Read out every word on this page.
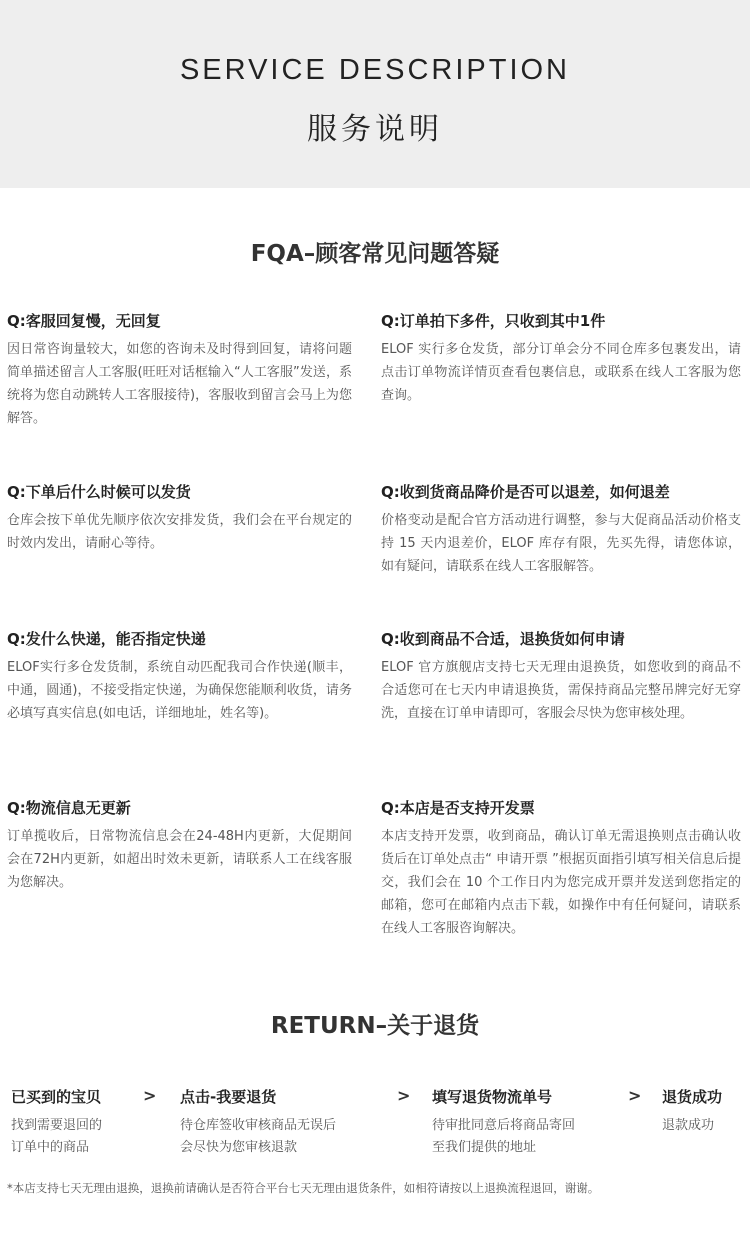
SERVICE DESCRIPTION
服务说明
FQA–顾客常见问题答疑

Q:客服回复慢，无回复

因日常咨询量较大，如您的咨询未及时得到回复，请将问题简单描述留言人工客服(旺旺对话框输入“人工客服”发送，系统将为您自动跳转人工客服接待)，客服收到留言会马上为您解答。

Q:订单拍下多件，只收到其中1件

ELOF 实行多仓发货，部分订单会分不同仓库多包裹发出，请点击订单物流详情页查看包裹信息，或联系在线人工客服为您查询。

Q:下单后什么时候可以发货

仓库会按下单优先顺序依次安排发货，我们会在平台规定的时效内发出，请耐心等待。

Q:收到货商品降价是否可以退差，如何退差

价格变动是配合官方活动进行调整，参与大促商品活动价格支持 15 天内退差价，ELOF 库存有限，先买先得，请您体谅，如有疑问，请联系在线人工客服解答。

Q:发什么快递，能否指定快递

ELOF实行多仓发货制，系统自动匹配我司合作快递(顺丰，中通，圆通)，不接受指定快递，为确保您能顺利收货，请务必填写真实信息(如电话，详细地址，姓名等)。

Q:收到商品不合适，退换货如何申请

ELOF 官方旗舰店支持七天无理由退换货，如您收到的商品不合适您可在七天内申请退换货，需保持商品完整吊牌完好无穿洗，直接在订单申请即可，客服会尽快为您审核处理。

Q:物流信息无更新

订单揽收后，日常物流信息会在24-48H内更新，大促期间会在72H内更新，如超出时效未更新，请联系人工在线客服为您解决。

Q:本店是否支持开发票

本店支持开发票，收到商品，确认订单无需退换则点击确认收货后在订单处点击“ 申请开票 ”根据页面指引填写相关信息后提交，我们会在 10 个工作日内为您完成开票并发送到您指定的邮箱，您可在邮箱内点击下载，如操作中有任何疑问，请联系在线人工客服咨询解决。

RETURN–关于退货
已买到的宝贝
找到需要退回的
订单中的商品
> 点击-我要退货
待仓库签收审核商品无误后
会尽快为您审核退款
> 填写退货物流单号
待审批同意后将商品寄回
至我们提供的地址
> 退货成功
退款成功
*本店支持七天无理由退换，退换前请确认是否符合平台七天无理由退货条件，如相符请按以上退换流程退回，谢谢。
